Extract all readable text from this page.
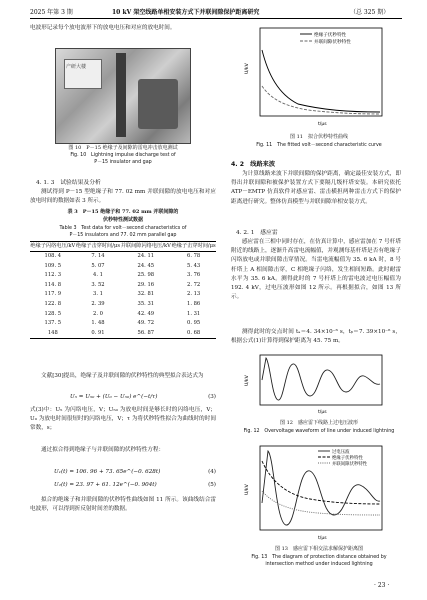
2025 年第 3 期	10 kV 架空线路单相安装方式下并联间隙保护距离研究	（总 325 期）
电波形记录每个放电波形下的放电电压和对应的放电时间。
产研大楼
图 10　P－15 绝缘子及间隙的雷电冲击放电测试
Fig. 10　Lightning impulse discharge test of
P－15 insulator and gap
4. 1. 3　试验结果及分析
测试得到 P－15 型绝缘子和 77. 02 mm 并联间隙的放电电压和对应放电时间的数据如表 3 所示。
表 3　P－15 绝缘子和 77. 02 mm 并联间隙的
伏秒特性测试数据
Table 3　Test data for volt－second characteristics of
P－15 insulators and 77. 02 mm parallel gap
绝缘子闪络电压/kV	绝缘子击穿时间/μs	并联间隙闪络电压/kV	绝缘子击穿时间/μs
108. 4	7. 14	24. 11	6. 78
109. 5	5. 07	24. 45	5. 43
112. 3	4. 1	25. 98	3. 76
114. 8	3. 52	29. 16	2. 72
117. 9	3. 1	32. 81	2. 13
122. 8	2. 39	35. 31	1. 86
128. 5	2. 0	42. 49	1. 31
137. 5	1. 48	49. 72	0. 95
148	0. 91	56. 87	0. 68
文献[30]提出，绝缘子及并联间隙的伏秒特性的典型拟合表达式为
U₅ = U₅₀ + (U₀ − U₅₀) e^(−t/τ)	(3)
式(3)中：U₅ 为闪络电压，V；U₅₀ 为放电时间是够长时的闪络电压，V；U₀ 为放电时间很短时的闪络电压，V；τ 为将伏秒特性拟合为曲线时的时间常数，s；
通过拟合得到绝缘子与并联间隙的伏秒特性方程：
U₁(t) = 106. 96 + 73. 65e^(−0. 628t)	(4)
U₂(t) = 23. 97 + 61. 12e^(−0. 904t)	(5)
拟合的绝缘子和并联间隙的伏秒特性曲线如图 11 所示。该曲线结合雷电波形，可以得到折反射时间差的数据。
绝缘子伏秒特性
并联间隙伏秒特性
U/kV
t/μs
图 11　拟合伏秒特性曲线
Fig. 11　The fitted volt－second characteristic curve
4. 2　线路来波
为计算线路来波下并联间隙的保护距离，确定最佳安装方式，即得出并联间隙和被保护装置方式下要隔几级杆塔安装。本研究依托 ATP－EMTP 仿真软件对感应雷、雷击横担两种雷击方式下的保护距离进行研究。整体仿真模型与并联间隙单相安装方式。
4. 2. 1　感应雷
感应雷在三相中同时存在，在仿真计算中，感应雷加在 7 号杆塔附近的线路上，逐渐升高雷电流幅值，并观测每基杆塔是否有绝缘子闪络放电或并联间隙击穿情况。当雷电流幅值为 35. 6 kA 时，8 号杆塔上 A 相间隙击穿，C 相绝缘子闪络，发生相间短路。此时耐雷水平为 35. 6 kA。测得此时的 7 号杆塔上的雷电波过电压幅值为 192. 4 kV，过电压波形如图 12 所示。再根据拟合，如图 13 所示。
测得此时的交点时间 tₐ＝4. 34×10⁻⁶ s，tᵦ＝7. 39×10⁻⁶ s，根据公式(1)计算得到保护距离为 45. 75 m。
U/kV
t/μs
图 12　感应雷下线路上过电压波形
Fig. 12　Overvoltage waveform of line under induced lightning
过电压波
绝缘子伏秒特性
并联间隙伏秒特性
U/kV
t/μs
图 13　感应雷下相交法求解保护距离图
Fig. 13　The diagram of protection distance obtained by
intersection method under induced lightning
· 23 ·
